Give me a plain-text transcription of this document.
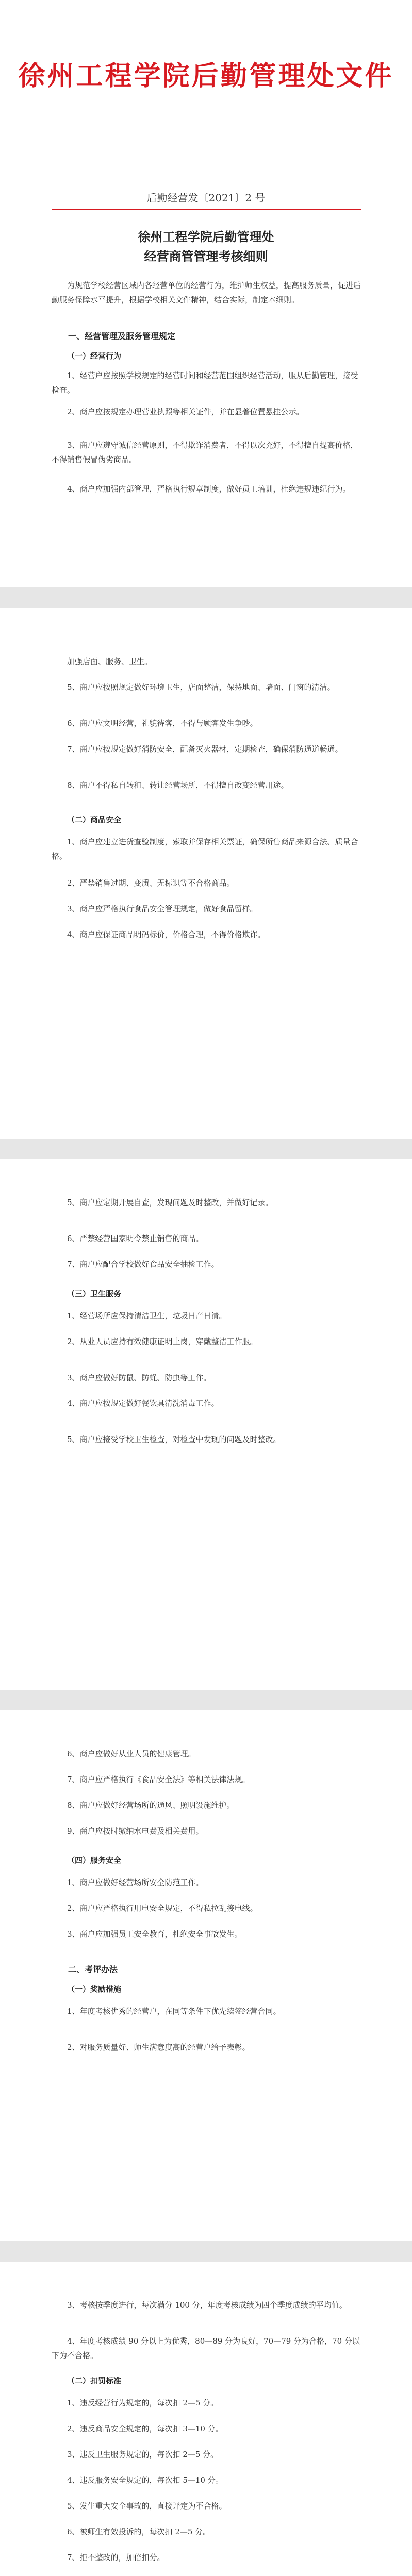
徐州工程学院后勤管理处文件
后勤经营发〔2021〕2 号
徐州工程学院后勤管理处
经营商管管理考核细则
为规范学校经营区域内各经营单位的经营行为，维护师生权益，提高服务质量，促进后勤服务保障水平提升，根据学校相关文件精神，结合实际，制定本细则。
一、经营管理及服务管理规定
（一）经营行为
1、经营户应按照学校规定的经营时间和经营范围组织经营活动，服从后勤管理，接受检查。
2、商户应按规定办理营业执照等相关证件，并在显著位置悬挂公示。
3、商户应遵守诚信经营原则，不得欺诈消费者，不得以次充好，不得擅自提高价格，不得销售假冒伪劣商品。
4、商户应加强内部管理，严格执行规章制度，做好员工培训，杜绝违规违纪行为。
加强店面、服务、卫生。
5、商户应按照规定做好环境卫生，店面整洁，保持地面、墙面、门窗的清洁。
6、商户应文明经营，礼貌待客，不得与顾客发生争吵。
7、商户应按规定做好消防安全，配备灭火器材，定期检查，确保消防通道畅通。
8、商户不得私自转租、转让经营场所，不得擅自改变经营用途。
（二）商品安全
1、商户应建立进货查验制度，索取并保存相关票证，确保所售商品来源合法、质量合格。
2、严禁销售过期、变质、无标识等不合格商品。
3、商户应严格执行食品安全管理规定，做好食品留样。
4、商户应保证商品明码标价，价格合理，不得价格欺诈。
5、商户应定期开展自查，发现问题及时整改，并做好记录。
6、严禁经营国家明令禁止销售的商品。
7、商户应配合学校做好食品安全抽检工作。
（三）卫生服务
1、经营场所应保持清洁卫生，垃圾日产日清。
2、从业人员应持有效健康证明上岗，穿戴整洁工作服。
3、商户应做好防鼠、防蝇、防虫等工作。
4、商户应按规定做好餐饮具清洗消毒工作。
5、商户应接受学校卫生检查，对检查中发现的问题及时整改。
6、商户应做好从业人员的健康管理。
7、商户应严格执行《食品安全法》等相关法律法规。
8、商户应做好经营场所的通风、照明设施维护。
9、商户应按时缴纳水电费及相关费用。
（四）服务安全
1、商户应做好经营场所安全防范工作。
2、商户应严格执行用电安全规定，不得私拉乱接电线。
3、商户应加强员工安全教育，杜绝安全事故发生。
二、考评办法
（一）奖励措施
1、年度考核优秀的经营户，在同等条件下优先续签经营合同。
2、对服务质量好、师生满意度高的经营户给予表彰。
3、考核按季度进行，每次满分 100 分，年度考核成绩为四个季度成绩的平均值。
4、年度考核成绩 90 分以上为优秀，80—89 分为良好，70—79 分为合格，70 分以下为不合格。
（二）扣罚标准
1、违反经营行为规定的，每次扣 2—5 分。
2、违反商品安全规定的，每次扣 3—10 分。
3、违反卫生服务规定的，每次扣 2—5 分。
4、违反服务安全规定的，每次扣 5—10 分。
5、发生重大安全事故的，直接评定为不合格。
6、被师生有效投诉的，每次扣 2—5 分。
7、拒不整改的，加倍扣分。
